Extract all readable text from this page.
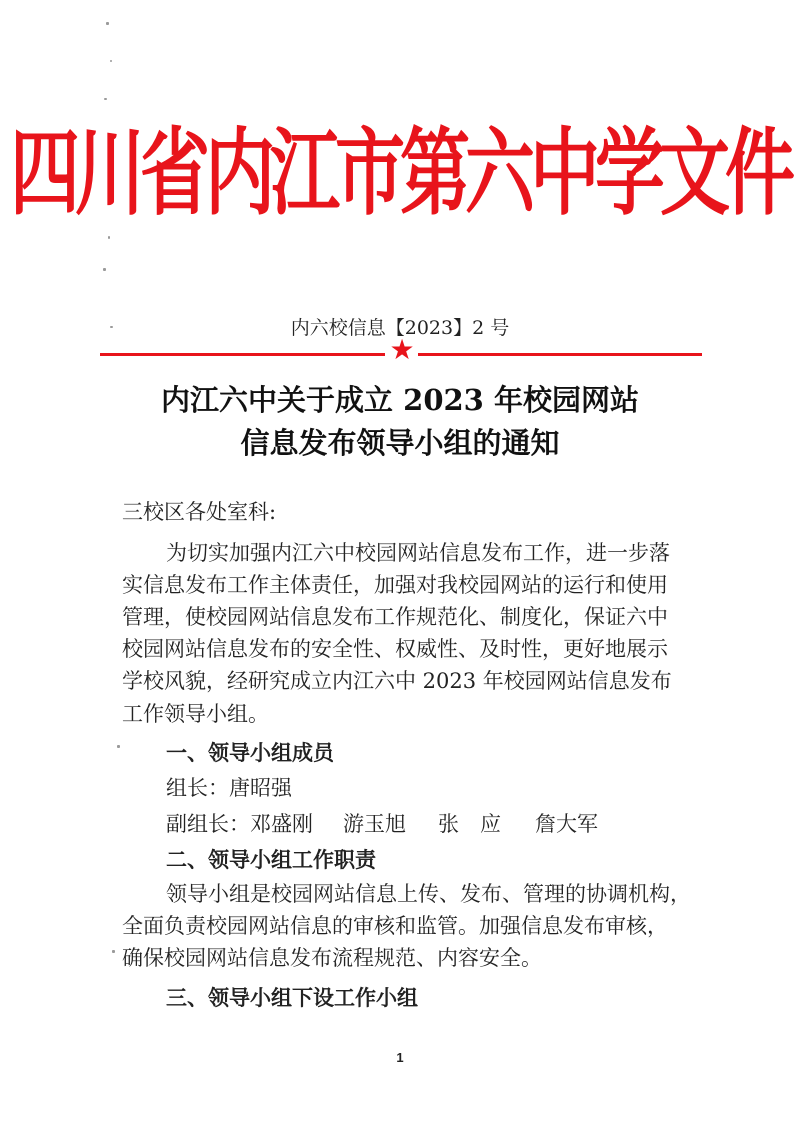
四川省内江市第六中学文件
内六校信息【2023】2 号
★
内江六中关于成立 2023 年校园网站
信息发布领导小组的通知
三校区各处室科:
为切实加强内江六中校园网站信息发布工作，进一步落
实信息发布工作主体责任，加强对我校园网站的运行和使用
管理，使校园网站信息发布工作规范化、制度化，保证六中
校园网站信息发布的安全性、权威性、及时性，更好地展示
学校风貌，经研究成立内江六中 2023 年校园网站信息发布
工作领导小组。
一、领导小组成员
组长：唐昭强
副组长：邓盛刚 游玉旭 张　应 詹大军
二、领导小组工作职责
领导小组是校园网站信息上传、发布、管理的协调机构，
全面负责校园网站信息的审核和监管。加强信息发布审核，
确保校园网站信息发布流程规范、内容安全。
三、领导小组下设工作小组
1
